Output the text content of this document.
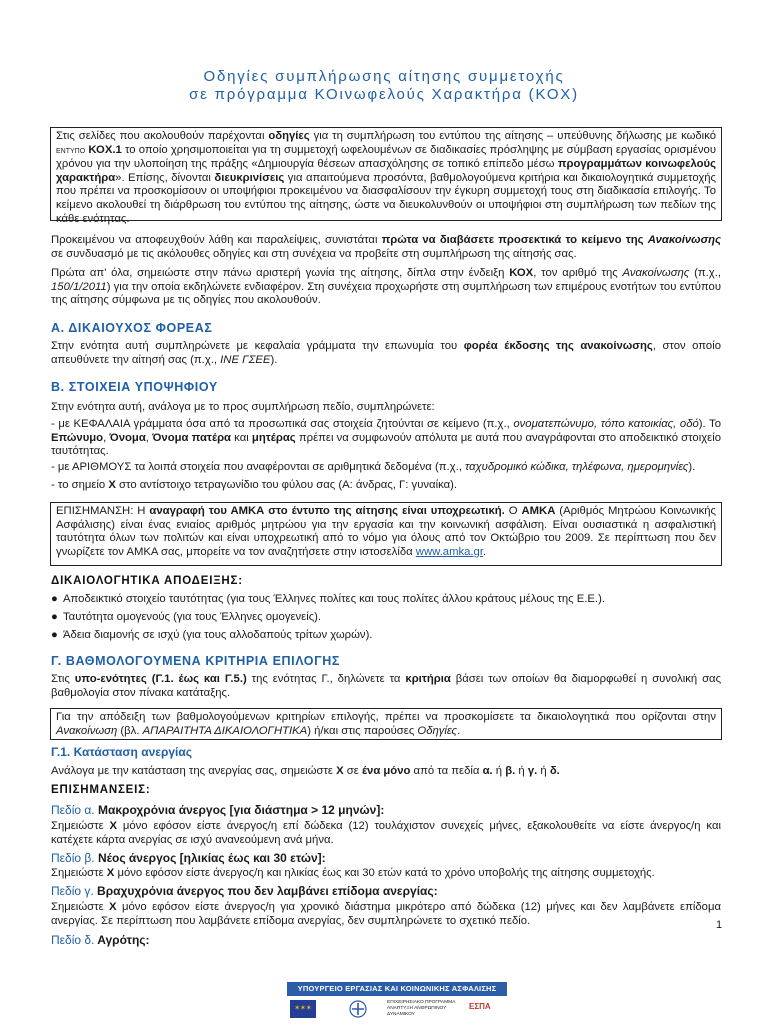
Οδηγίες συμπλήρωσης αίτησης συμμετοχής
σε πρόγραμμα ΚΟινωφελούς Χαρακτήρα (ΚΟΧ)
Στις σελίδες που ακολουθούν παρέχονται οδηγίες για τη συμπλήρωση του εντύπου της αίτησης – υπεύθυνης δήλωσης με κωδικό ΕΝΤΥΠΟ ΚΟΧ.1 το οποίο χρησιμοποιείται για τη συμμετοχή ωφελουμένων σε διαδικασίες πρόσληψης με σύμβαση εργασίας ορισμένου χρόνου για την υλοποίηση της πράξης «Δημιουργία θέσεων απασχόλησης σε τοπικό επίπεδο μέσω προγραμμάτων κοινωφελούς χαρακτήρα». Επίσης, δίνονται διευκρινίσεις για απαιτούμενα προσόντα, βαθμολογούμενα κριτήρια και δικαιολογητικά συμμετοχής που πρέπει να προσκομίσουν οι υποψήφιοι προκειμένου να διασφαλίσουν την έγκυρη συμμετοχή τους στη διαδικασία επιλογής. Το κείμενο ακολουθεί τη διάρθρωση του εντύπου της αίτησης, ώστε να διευκολυνθούν οι υποψήφιοι στη συμπλήρωση των πεδίων της κάθε ενότητας.
Προκειμένου να αποφευχθούν λάθη και παραλείψεις, συνιστάται πρώτα να διαβάσετε προσεκτικά το κείμενο της Ανακοίνωσης σε συνδυασμό με τις ακόλουθες οδηγίες και στη συνέχεια να προβείτε στη συμπλήρωση της αίτησής σας.
Πρώτα απ' όλα, σημειώστε στην πάνω αριστερή γωνία της αίτησης, δίπλα στην ένδειξη ΚΟΧ, τον αριθμό της Ανακοίνωσης (π.χ., 150/1/2011) για την οποία εκδηλώνετε ενδιαφέρον. Στη συνέχεια προχωρήστε στη συμπλήρωση των επιμέρους ενοτήτων του εντύπου της αίτησης σύμφωνα με τις οδηγίες που ακολουθούν.
Α. ΔΙΚΑΙΟΥΧΟΣ ΦΟΡΕΑΣ
Στην ενότητα αυτή συμπληρώνετε με κεφαλαία γράμματα την επωνυμία του φορέα έκδοσης της ανακοίνωσης, στον οποίο απευθύνετε την αίτησή σας (π.χ., ΙΝΕ ΓΣΕΕ).
Β. ΣΤΟΙΧΕΙΑ ΥΠΟΨΗΦΙΟΥ
Στην ενότητα αυτή, ανάλογα με το προς συμπλήρωση πεδίο, συμπληρώνετε:
- με ΚΕΦΑΛΑΙΑ γράμματα όσα από τα προσωπικά σας στοιχεία ζητούνται σε κείμενο (π.χ., ονοματεπώνυμο, τόπο κατοικίας, οδό). Το Επώνυμο, Όνομα, Όνομα πατέρα και μητέρας πρέπει να συμφωνούν απόλυτα με αυτά που αναγράφονται στο αποδεικτικό στοιχείο ταυτότητας.
- με ΑΡΙΘΜΟΥΣ τα λοιπά στοιχεία που αναφέρονται σε αριθμητικά δεδομένα (π.χ., ταχυδρομικό κώδικα, τηλέφωνα, ημερομηνίες).
- το σημείο Χ στο αντίστοιχο τετραγωνίδιο του φύλου σας (Α: άνδρας, Γ: γυναίκα).
ΕΠΙΣΗΜΑΝΣΗ: Η αναγραφή του ΑΜΚΑ στο έντυπο της αίτησης είναι υποχρεωτική. Ο ΑΜΚΑ (Αριθμός Μητρώου Κοινωνικής Ασφάλισης) είναι ένας ενιαίος αριθμός μητρώου για την εργασία και την κοινωνική ασφάλιση. Είναι ουσιαστικά η ασφαλιστική ταυτότητα όλων των πολιτών και είναι υποχρεωτική από το νόμο για όλους από τον Οκτώβριο του 2009. Σε περίπτωση που δεν γνωρίζετε τον ΑΜΚΑ σας, μπορείτε να τον αναζητήσετε στην ιστοσελίδα www.amka.gr.
ΔΙΚΑΙΟΛΟΓΗΤΙΚΑ ΑΠΟΔΕΙΞΗΣ:
● Αποδεικτικό στοιχείο ταυτότητας (για τους Έλληνες πολίτες και τους πολίτες άλλου κράτους μέλους της Ε.Ε.).
● Ταυτότητα ομογενούς (για τους Έλληνες ομογενείς).
● Άδεια διαμονής σε ισχύ (για τους αλλοδαπούς τρίτων χωρών).
Γ. ΒΑΘΜΟΛΟΓΟΥΜΕΝΑ ΚΡΙΤΗΡΙΑ ΕΠΙΛΟΓΗΣ
Στις υπο-ενότητες (Γ.1. έως και Γ.5.) της ενότητας Γ., δηλώνετε τα κριτήρια βάσει των οποίων θα διαμορφωθεί η συνολική σας βαθμολογία στον πίνακα κατάταξης.
Για την απόδειξη των βαθμολογούμενων κριτηρίων επιλογής, πρέπει να προσκομίσετε τα δικαιολογητικά που ορίζονται στην Ανακοίνωση (βλ. ΑΠΑΡΑΙΤΗΤΑ ΔΙΚΑΙΟΛΟΓΗΤΙΚΑ) ή/και στις παρούσες Οδηγίες.
Γ.1. Κατάσταση ανεργίας
Ανάλογα με την κατάσταση της ανεργίας σας, σημειώστε Χ σε ένα μόνο από τα πεδία α. ή β. ή γ. ή δ.
ΕΠΙΣΗΜΑΝΣΕΙΣ:
Πεδίο α. Μακροχρόνια άνεργος [για διάστημα > 12 μηνών]:
Σημειώστε Χ μόνο εφόσον είστε άνεργος/η επί δώδεκα (12) τουλάχιστον συνεχείς μήνες, εξακολουθείτε να είστε άνεργος/η και κατέχετε κάρτα ανεργίας σε ισχύ ανανεούμενη ανά μήνα.
Πεδίο β. Νέος άνεργος [ηλικίας έως και 30 ετών]:
Σημειώστε Χ μόνο εφόσον είστε άνεργος/η και ηλικίας έως και 30 ετών κατά το χρόνο υποβολής της αίτησης συμμετοχής.
Πεδίο γ. Βραχυχρόνια άνεργος που δεν λαμβάνει επίδομα ανεργίας:
Σημειώστε Χ μόνο εφόσον είστε άνεργος/η για χρονικό διάστημα μικρότερο από δώδεκα (12) μήνες και δεν λαμβάνετε επίδομα ανεργίας. Σε περίπτωση που λαμβάνετε επίδομα ανεργίας, δεν συμπληρώνετε το σχετικό πεδίο.
Πεδίο δ. Αγρότης:
1
ΥΠΟΥΡΓΕΙΟ ΕΡΓΑΣΙΑΣ ΚΑΙ ΚΟΙΝΩΝΙΚΗΣ ΑΣΦΑΛΙΣΗΣ
✶✶✶
ΕΠΙΧΕΙΡΗΣΙΑΚΟ ΠΡΟΓΡΑΜΜΑ ΑΝΑΠΤΥΞΗ ΑΝΘΡΩΠΙΝΟΥ ΔΥΝΑΜΙΚΟΥ
ΕΣΠΑ
